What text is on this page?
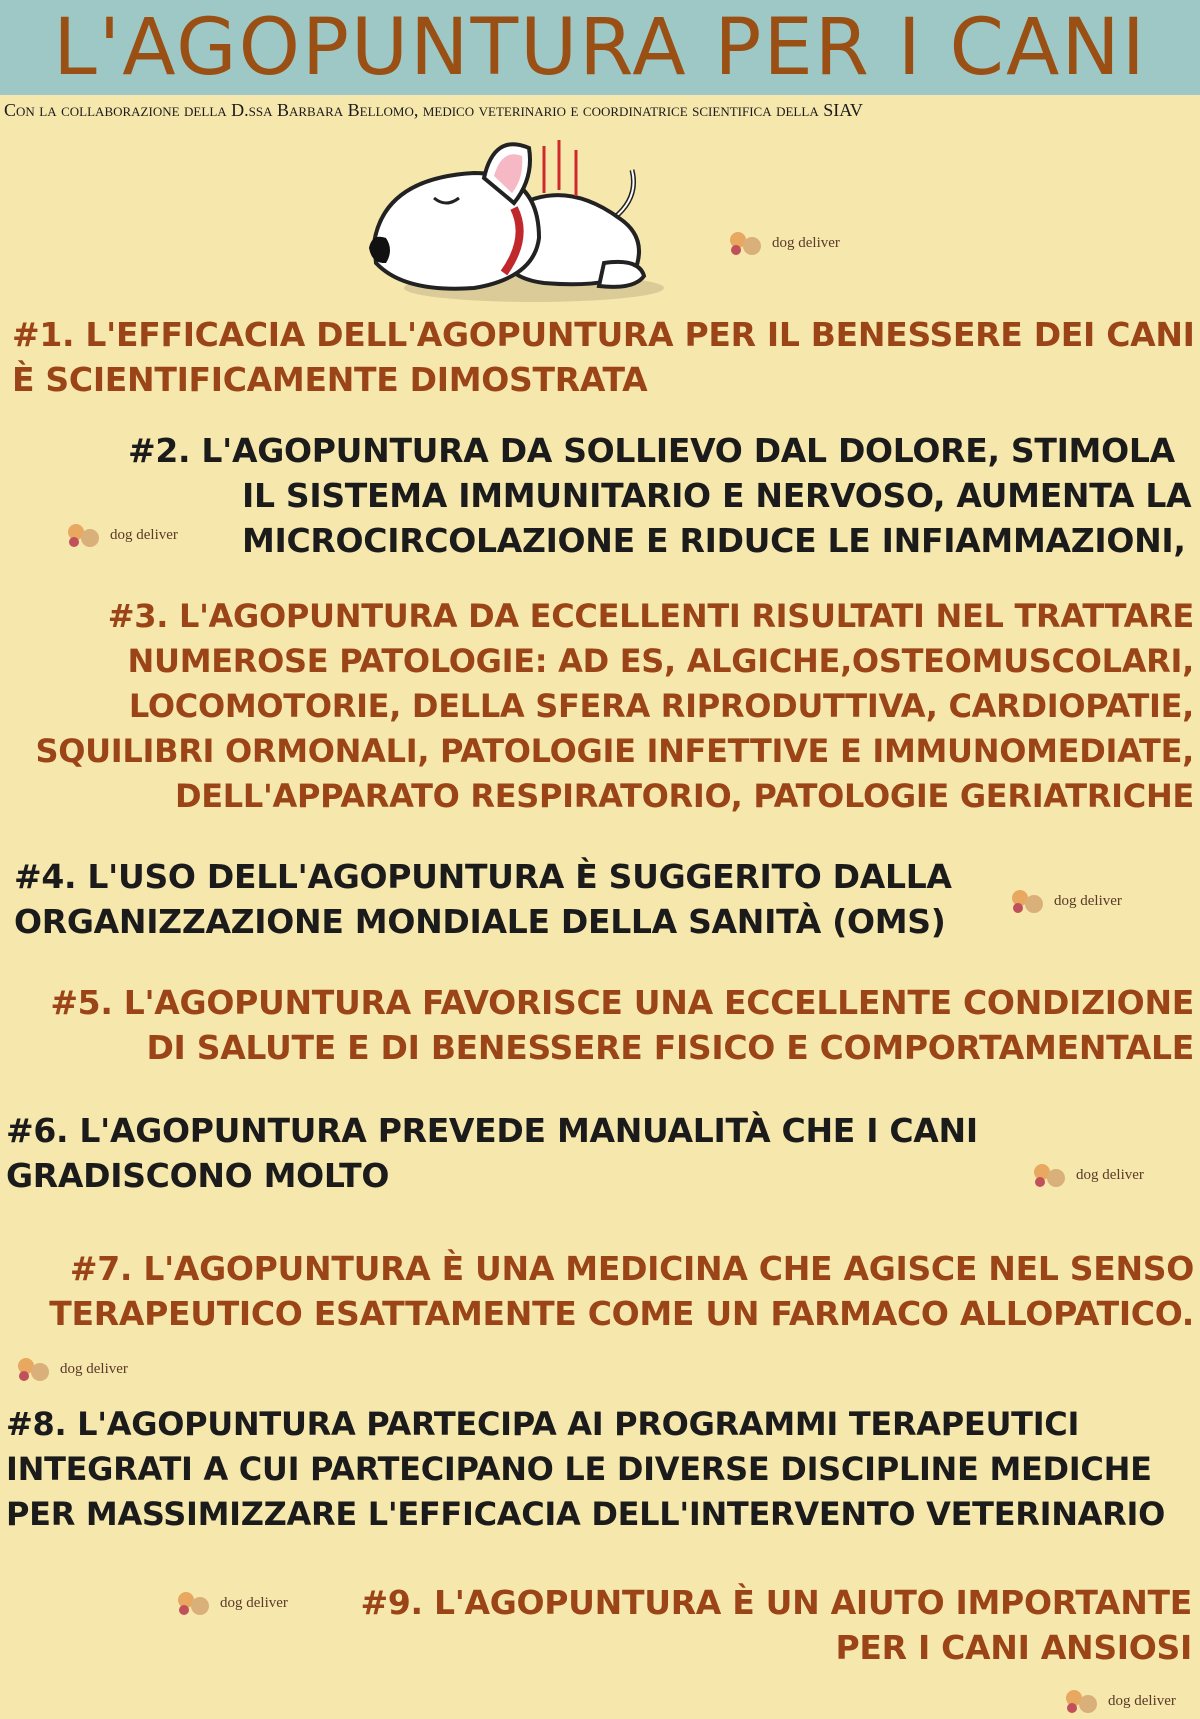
L'AGOPUNTURA PER I CANI
Con la collaborazione della D.ssa Barbara Bellomo, medico veterinario e coordinatrice scientifica della SIAV
dog deliver
dog deliver
dog deliver
dog deliver
dog deliver
dog deliver
dog deliver
#1. L'EFFICACIA DELL'AGOPUNTURA PER IL BENESSERE DEI CANI
È SCIENTIFICAMENTE DIMOSTRATA
#2. L'AGOPUNTURA DA SOLLIEVO DAL DOLORE, STIMOLA
IL SISTEMA IMMUNITARIO E NERVOSO, AUMENTA LA
MICROCIRCOLAZIONE E RIDUCE LE INFIAMMAZIONI,
#3. L'AGOPUNTURA DA ECCELLENTI RISULTATI NEL TRATTARE
NUMEROSE PATOLOGIE: AD ES, ALGICHE,OSTEOMUSCOLARI,
LOCOMOTORIE, DELLA SFERA RIPRODUTTIVA, CARDIOPATIE,
SQUILIBRI ORMONALI, PATOLOGIE INFETTIVE E IMMUNOMEDIATE,
DELL'APPARATO RESPIRATORIO, PATOLOGIE GERIATRICHE
#4. L'USO DELL'AGOPUNTURA È SUGGERITO DALLA
ORGANIZZAZIONE MONDIALE DELLA SANITÀ (OMS)
#5. L'AGOPUNTURA FAVORISCE UNA ECCELLENTE CONDIZIONE
DI SALUTE E DI BENESSERE FISICO E COMPORTAMENTALE
#6. L'AGOPUNTURA PREVEDE MANUALITÀ CHE I CANI
GRADISCONO MOLTO
#7. L'AGOPUNTURA È UNA MEDICINA CHE AGISCE NEL SENSO
TERAPEUTICO ESATTAMENTE COME UN FARMACO ALLOPATICO.
#8. L'AGOPUNTURA PARTECIPA AI PROGRAMMI TERAPEUTICI
INTEGRATI A CUI PARTECIPANO LE DIVERSE DISCIPLINE MEDICHE
PER MASSIMIZZARE L'EFFICACIA DELL'INTERVENTO VETERINARIO
#9. L'AGOPUNTURA È UN AIUTO IMPORTANTE
PER I CANI ANSIOSI
